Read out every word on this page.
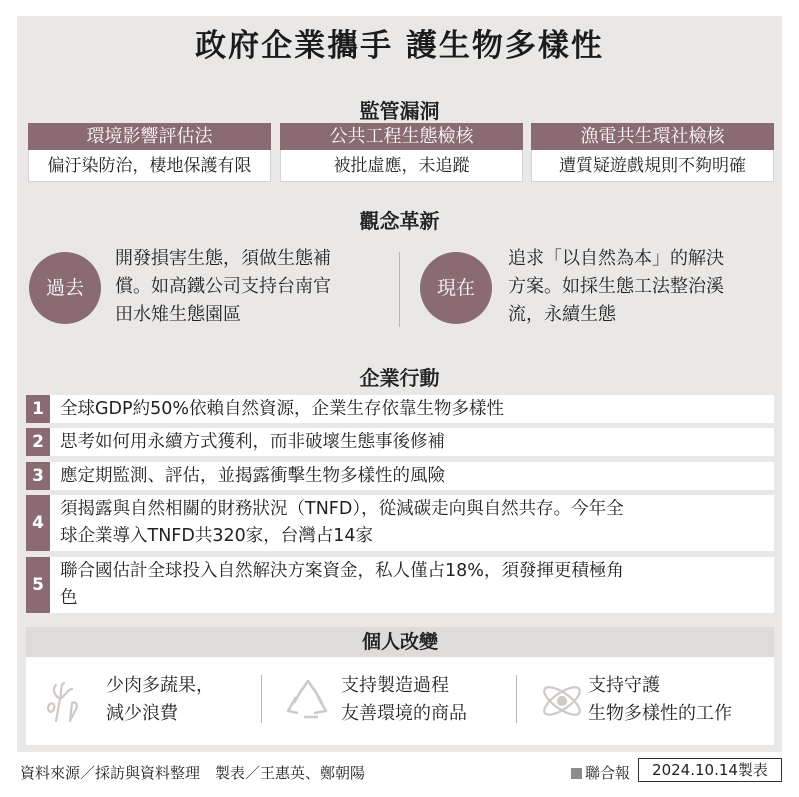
政府企業攜手 護生物多樣性
監管漏洞
環境影響評估法
偏汙染防治，棲地保護有限
公共工程生態檢核
被批虛應，未追蹤
漁電共生環社檢核
遭質疑遊戲規則不夠明確
觀念革新
過去
開發損害生態，須做生態補
償。如高鐵公司支持台南官
田水雉生態園區
現在
追求「以自然為本」的解決
方案。如採生態工法整治溪
流，永續生態
企業行動
1 全球GDP約50%依賴自然資源，企業生存依靠生物多樣性
2 思考如何用永續方式獲利，而非破壞生態事後修補
3 應定期監測、評估，並揭露衝擊生物多樣性的風險
4
須揭露與自然相關的財務狀況（TNFD），從減碳走向與自然共存。今年全
球企業導入TNFD共320家，台灣占14家
5
聯合國估計全球投入自然解決方案資金，私人僅占18%，須發揮更積極角
色
個人改變
少肉多蔬果，
減少浪費
支持製造過程
友善環境的商品
支持守護
生物多樣性的工作
資料來源／採訪與資料整理　製表／王惠英、鄭朝陽	聯合報	2024.10.14製表
